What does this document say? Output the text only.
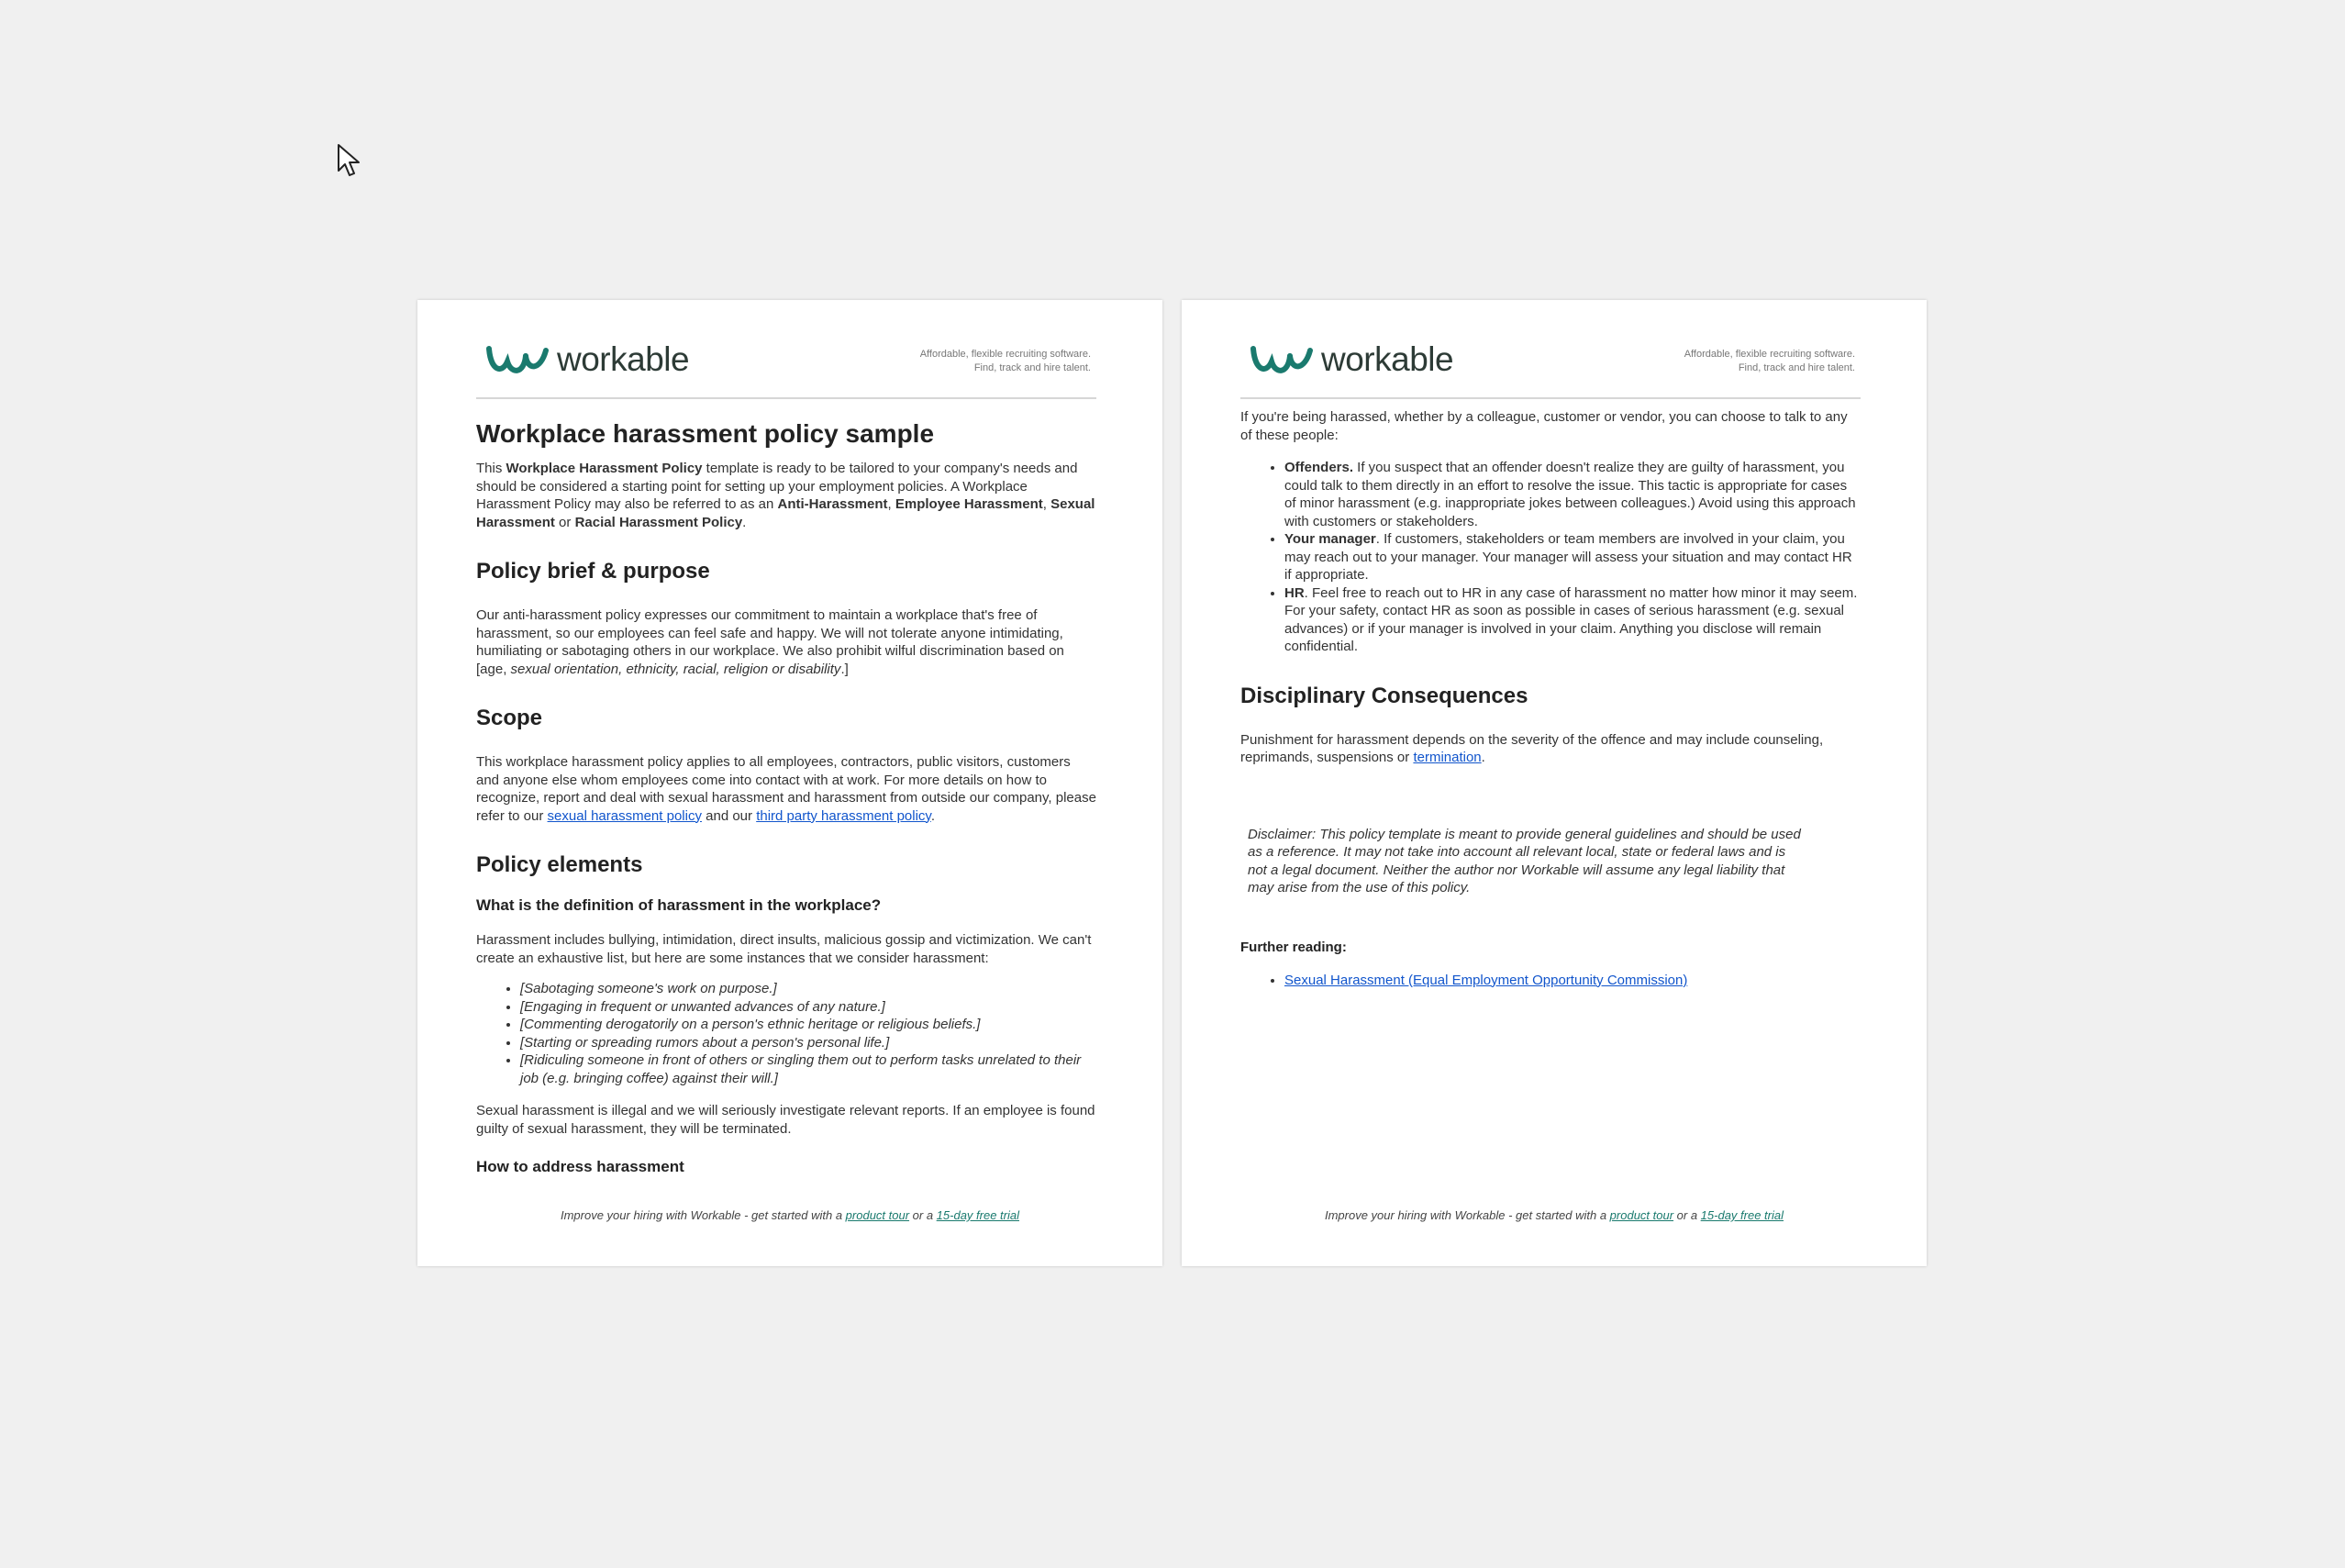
workable	Affordable, flexible recruiting software.
Find, track and hire talent.
Workplace harassment policy sample

This Workplace Harassment Policy template is ready to be tailored to your company's needs and should be considered a starting point for setting up your employment policies. A Workplace Harassment Policy may also be referred to as an Anti-Harassment, Employee Harassment, Sexual Harassment or Racial Harassment Policy.

Policy brief & purpose

Our anti-harassment policy expresses our commitment to maintain a workplace that's free of harassment, so our employees can feel safe and happy. We will not tolerate anyone intimidating, humiliating or sabotaging others in our workplace. We also prohibit wilful discrimination based on [age, sexual orientation, ethnicity, racial, religion or disability.]

Scope

This workplace harassment policy applies to all employees, contractors, public visitors, customers and anyone else whom employees come into contact with at work. For more details on how to recognize, report and deal with sexual harassment and harassment from outside our company, please refer to our sexual harassment policy and our third party harassment policy.

Policy elements
What is the definition of harassment in the workplace?

Harassment includes bullying, intimidation, direct insults, malicious gossip and victimization. We can't create an exhaustive list, but here are some instances that we consider harassment:

• [Sabotaging someone's work on purpose.]
• [Engaging in frequent or unwanted advances of any nature.]
• [Commenting derogatorily on a person's ethnic heritage or religious beliefs.]
• [Starting or spreading rumors about a person's personal life.]
• [Ridiculing someone in front of others or singling them out to perform tasks unrelated to their job (e.g. bringing coffee) against their will.]

Sexual harassment is illegal and we will seriously investigate relevant reports. If an employee is found guilty of sexual harassment, they will be terminated.

How to address harassment
Improve your hiring with Workable - get started with a product tour or a 15-day free trial
workable	Affordable, flexible recruiting software.
Find, track and hire talent.

If you're being harassed, whether by a colleague, customer or vendor, you can choose to talk to any of these people:

• Offenders. If you suspect that an offender doesn't realize they are guilty of harassment, you could talk to them directly in an effort to resolve the issue. This tactic is appropriate for cases of minor harassment (e.g. inappropriate jokes between colleagues.) Avoid using this approach with customers or stakeholders.
• Your manager. If customers, stakeholders or team members are involved in your claim, you may reach out to your manager. Your manager will assess your situation and may contact HR if appropriate.
• HR. Feel free to reach out to HR in any case of harassment no matter how minor it may seem. For your safety, contact HR as soon as possible in cases of serious harassment (e.g. sexual advances) or if your manager is involved in your claim. Anything you disclose will remain confidential.
Disciplinary Consequences

Punishment for harassment depends on the severity of the offence and may include counseling, reprimands, suspensions or termination.

Disclaimer: This policy template is meant to provide general guidelines and should be used as a reference. It may not take into account all relevant local, state or federal laws and is not a legal document. Neither the author nor Workable will assume any legal liability that may arise from the use of this policy.
Further reading:
• Sexual Harassment (Equal Employment Opportunity Commission)
Improve your hiring with Workable - get started with a product tour or a 15-day free trial
